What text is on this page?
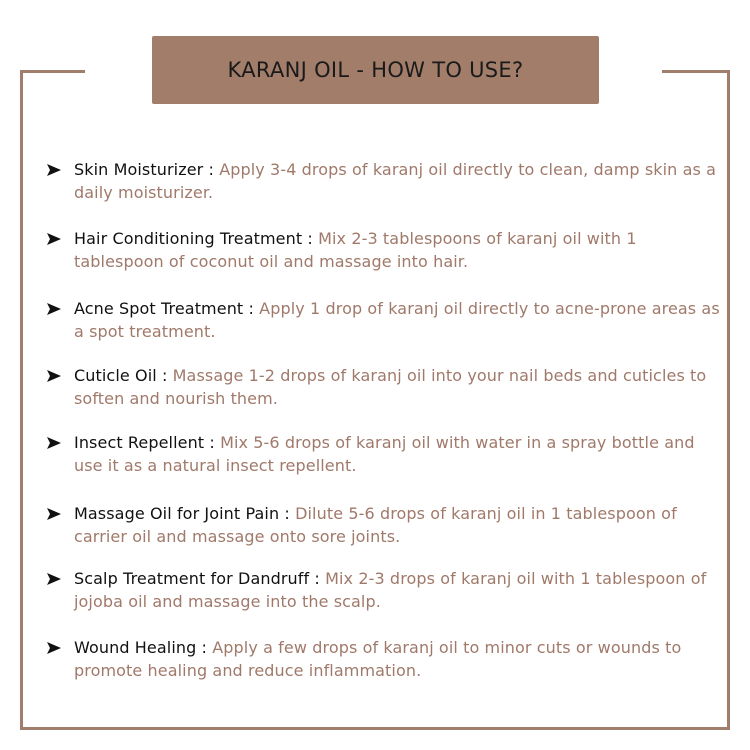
KARANJ OIL - HOW TO USE?
Skin Moisturizer : Apply 3-4 drops of karanj oil directly to clean, damp skin as a daily moisturizer.
Hair Conditioning Treatment : Mix 2-3 tablespoons of karanj oil with 1 tablespoon of coconut oil and massage into hair.
Acne Spot Treatment : Apply 1 drop of karanj oil directly to acne-prone areas as a spot treatment.
Cuticle Oil : Massage 1-2 drops of karanj oil into your nail beds and cuticles to soften and nourish them.
Insect Repellent : Mix 5-6 drops of karanj oil with water in a spray bottle and use it as a natural insect repellent.
Massage Oil for Joint Pain : Dilute 5-6 drops of karanj oil in 1 tablespoon of carrier oil and massage onto sore joints.
Scalp Treatment for Dandruff : Mix 2-3 drops of karanj oil with 1 tablespoon of jojoba oil and massage into the scalp.
Wound Healing : Apply a few drops of karanj oil to minor cuts or wounds to promote healing and reduce inflammation.
